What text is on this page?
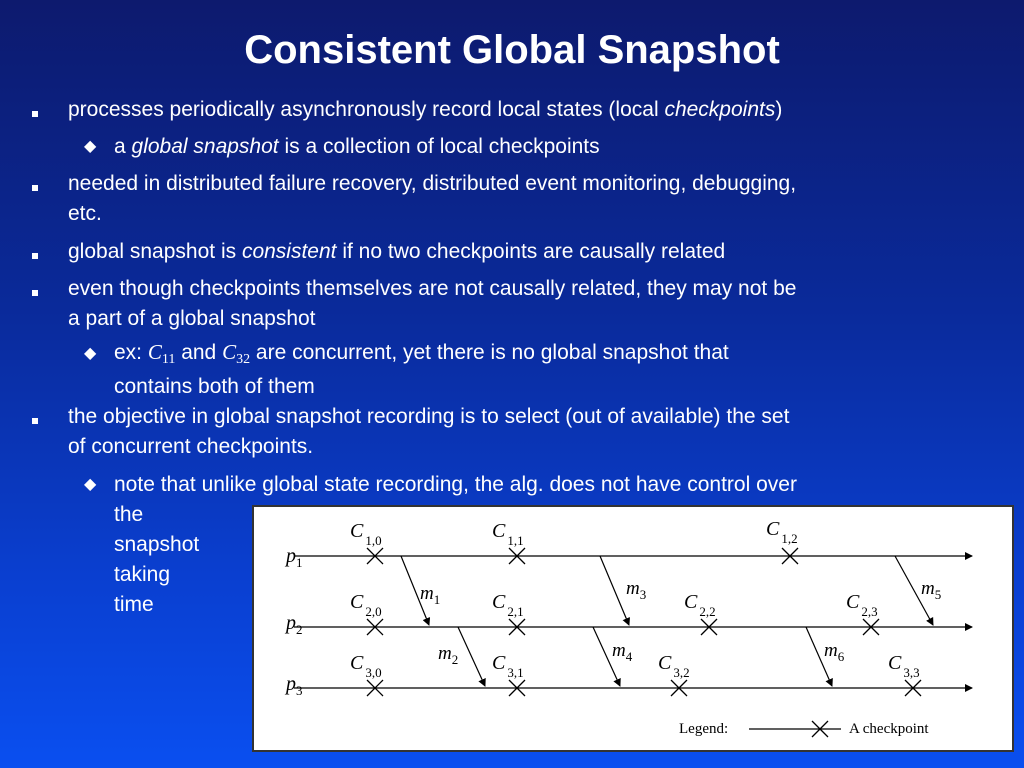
Consistent Global Snapshot
processes periodically asynchronously record local states (local checkpoints)
◆ a global snapshot is a collection of local checkpoints
needed in distributed failure recovery, distributed event monitoring, debugging,
etc.
global snapshot is consistent if no two checkpoints are causally related
even though checkpoints themselves are not causally related, they may not be
a part of a global snapshot
◆ ex: $C_{11}$ and $C_{32}$ are concurrent, yet there is no global snapshot that
contains both of them
the objective in global snapshot recording is to select (out of available) the set
of concurrent checkpoints.
◆ note that unlike global state recording, the alg. does not have control over
the
snapshot
taking
time
$p_1$
$p_2$
$p_3$
$m_1$
$m_2$
$m_3$
$m_4$
$m_5$
$m_6$
C $_{1,0}$	C $_{1,1}$
C $_{1,2}$
C $_{2,0}$	C $_{2,1}$	C $_{2,2}$	C $_{2,3}$
C $_{3,0}$	C $_{3,1}$	C $_{3,2}$	C $_{3,3}$
Legend:	A checkpoint
